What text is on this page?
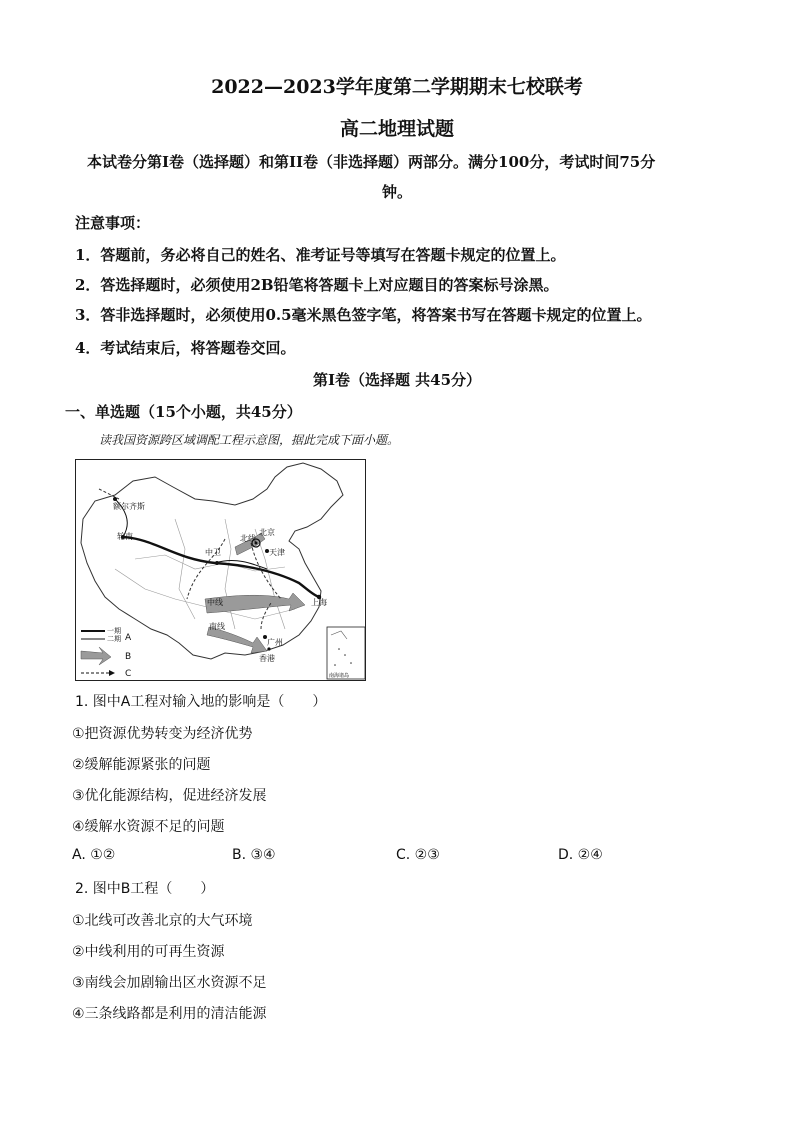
2022—2023学年度第二学期期末七校联考
高二地理试题
本试卷分第Ⅰ卷（选择题）和第II卷（非选择题）两部分。满分100分，考试时间75分
钟。
注意事项：
1．答题前，务必将自己的姓名、准考证号等填写在答题卡规定的位置上。
2．答选择题时，必须使用2B铅笔将答题卡上对应题目的答案标号涂黑。
3．答非选择题时，必须使用0.5毫米黑色签字笔，将答案书写在答题卡规定的位置上。
4．考试结束后，将答题卷交回。
第Ⅰ卷（选择题 共45分）
一、单选题（15个小题，共45分）
读我国资源跨区域调配工程示意图，据此完成下面小题。
额尔齐斯
轮南	北京
北线
天津
中卫
上海
中线
南线
广州
香港
一期
二期 A
B
C	南海诸岛
1. 图中A工程对输入地的影响是（　　）
①把资源优势转变为经济优势
②缓解能源紧张的问题
③优化能源结构，促进经济发展
④缓解水资源不足的问题
A. ①②	B. ③④	C. ②③	D. ②④
2. 图中B工程（　　）
①北线可改善北京的大气环境
②中线利用的可再生资源
③南线会加剧输出区水资源不足
④三条线路都是利用的清洁能源
